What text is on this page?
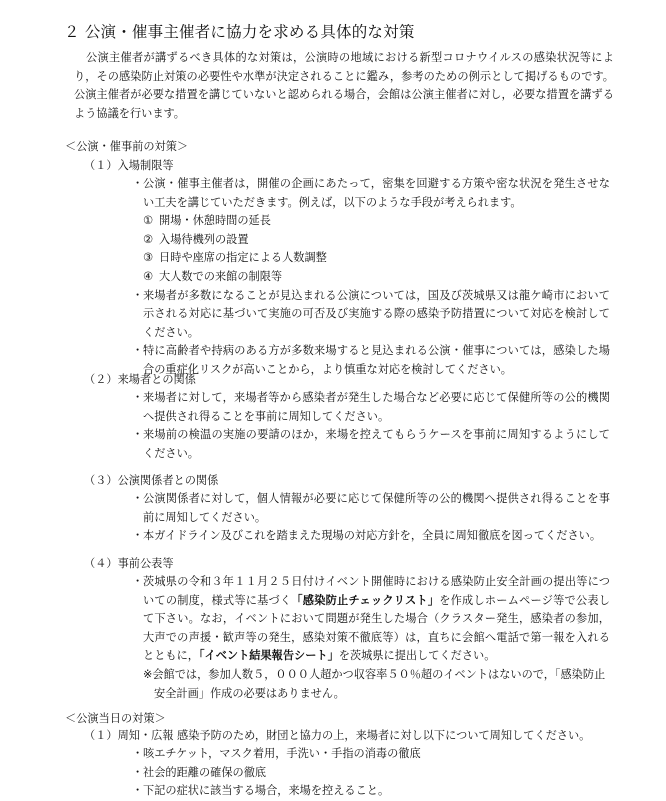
２ 公演・催事主催者に協力を求める具体的な対策
公演主催者が講ずるべき具体的な対策は，公演時の地域における新型コロナウイルスの感染状況等により，その感染防止対策の必要性や水準が決定されることに鑑み，参考のための例示として掲げるものです。公演主催者が必要な措置を講じていないと認められる場合，会館は公演主催者に対し，必要な措置を講ずるよう協議を行います。
＜公演・催事前の対策＞
（１）入場制限等
・ 公演・催事主催者は，開催の企画にあたって，密集を回避する方策や密な状況を発生させない工夫を講じていただきます。例えば，以下のような手段が考えられます。
① 開場・休憩時間の延長
② 入場待機列の設置
③ 日時や座席の指定による人数調整
④ 大人数での来館の制限等
・ 来場者が多数になることが見込まれる公演については，国及び茨城県又は龍ケ崎市において示される対応に基づいて実施の可否及び実施する際の感染予防措置について対応を検討してください。
・ 特に高齢者や持病のある方が多数来場すると見込まれる公演・催事については，感染した場合の重症化リスクが高いことから，より慎重な対応を検討してください。
（２）来場者との関係
・ 来場者に対して，来場者等から感染者が発生した場合など必要に応じて保健所等の公的機関へ提供され得ることを事前に周知してください。
・ 来場前の検温の実施の要請のほか，来場を控えてもらうケースを事前に周知するようにしてください。
（３）公演関係者との関係
・ 公演関係者に対して，個人情報が必要に応じて保健所等の公的機関へ提供され得ることを事前に周知してください。
・ 本ガイドライン及びこれを踏まえた現場の対応方針を，全員に周知徹底を図ってください。
（４）事前公表等
・ 茨城県の令和３年１１月２５日付けイベント開催時における感染防止安全計画の提出等についての制度，様式等に基づく「感染防止チェックリスト」を作成しホームページ等で公表して下さい。なお，イベントにおいて問題が発生した場合（クラスター発生，感染者の参加，大声での声援・歓声等の発生，感染対策不徹底等）は，直ちに会館へ電話で第一報を入れるとともに，「イベント結果報告シート」を茨城県に提出してください。
※会館では，参加人数５，０００人超かつ収容率５０％超のイベントはないので，「感染防止安全計画」作成の必要はありません。
＜公演当日の対策＞
（１）周知・広報 感染予防のため，財団と協力の上，来場者に対し以下について周知してください。
・ 咳エチケット，マスク着用，手洗い・手指の消毒の徹底
・ 社会的距離の確保の徹底
・ 下記の症状に該当する場合，来場を控えること。
